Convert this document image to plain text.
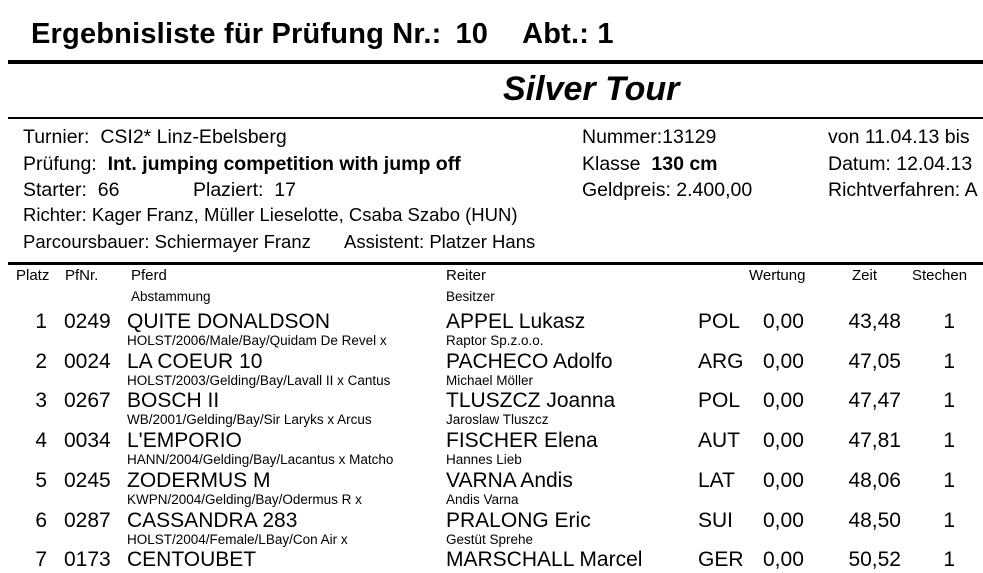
Ergebnisliste für Prüfung Nr.: 10 Abt.: 1
Silver Tour
Turnier: CSI2* Linz-Ebelsberg
Prüfung: Int. jumping competition with jump off
Starter: 66	Plaziert: 17
Richter: Kager Franz, Müller Lieselotte, Csaba Szabo (HUN)
Parcoursbauer: Schiermayer Franz Assistent: Platzer Hans
Nummer:13129
Klasse 130 cm
Geldpreis: 2.400,00
von 11.04.13 bis
Datum: 12.04.13
Richtverfahren: A
Platz PfNr. Pferd
Abstammung
Reiter
Besitzer
Wertung	Zeit Stechen
1 0249 QUITE DONALDSON	APPEL Lukasz	POL 0,00	43,48	1
HOLST/2006/Male/Bay/Quidam De Revel x	Raptor Sp.z.o.o.
2 0024 LA COEUR 10	PACHECO Adolfo	ARG 0,00	47,05	1
HOLST/2003/Gelding/Bay/Lavall II x Cantus	Michael Möller
3 0267 BOSCH II	TLUSZCZ Joanna	POL 0,00	47,47	1
WB/2001/Gelding/Bay/Sir Laryks x Arcus	Jaroslaw Tluszcz
4 0034 L'EMPORIO	FISCHER Elena	AUT 0,00	47,81	1
HANN/2004/Gelding/Bay/Lacantus x Matcho	Hannes Lieb
5 0245 ZODERMUS M	VARNA Andis	LAT 0,00	48,06	1
KWPN/2004/Gelding/Bay/Odermus R x	Andis Varna
6 0287 CASSANDRA 283	PRALONG Eric	SUI 0,00	48,50	1
HOLST/2004/Female/LBay/Con Air x	Gestüt Sprehe
7 0173 CENTOUBET	MARSCHALL Marcel	GER 0,00	50,52	1
